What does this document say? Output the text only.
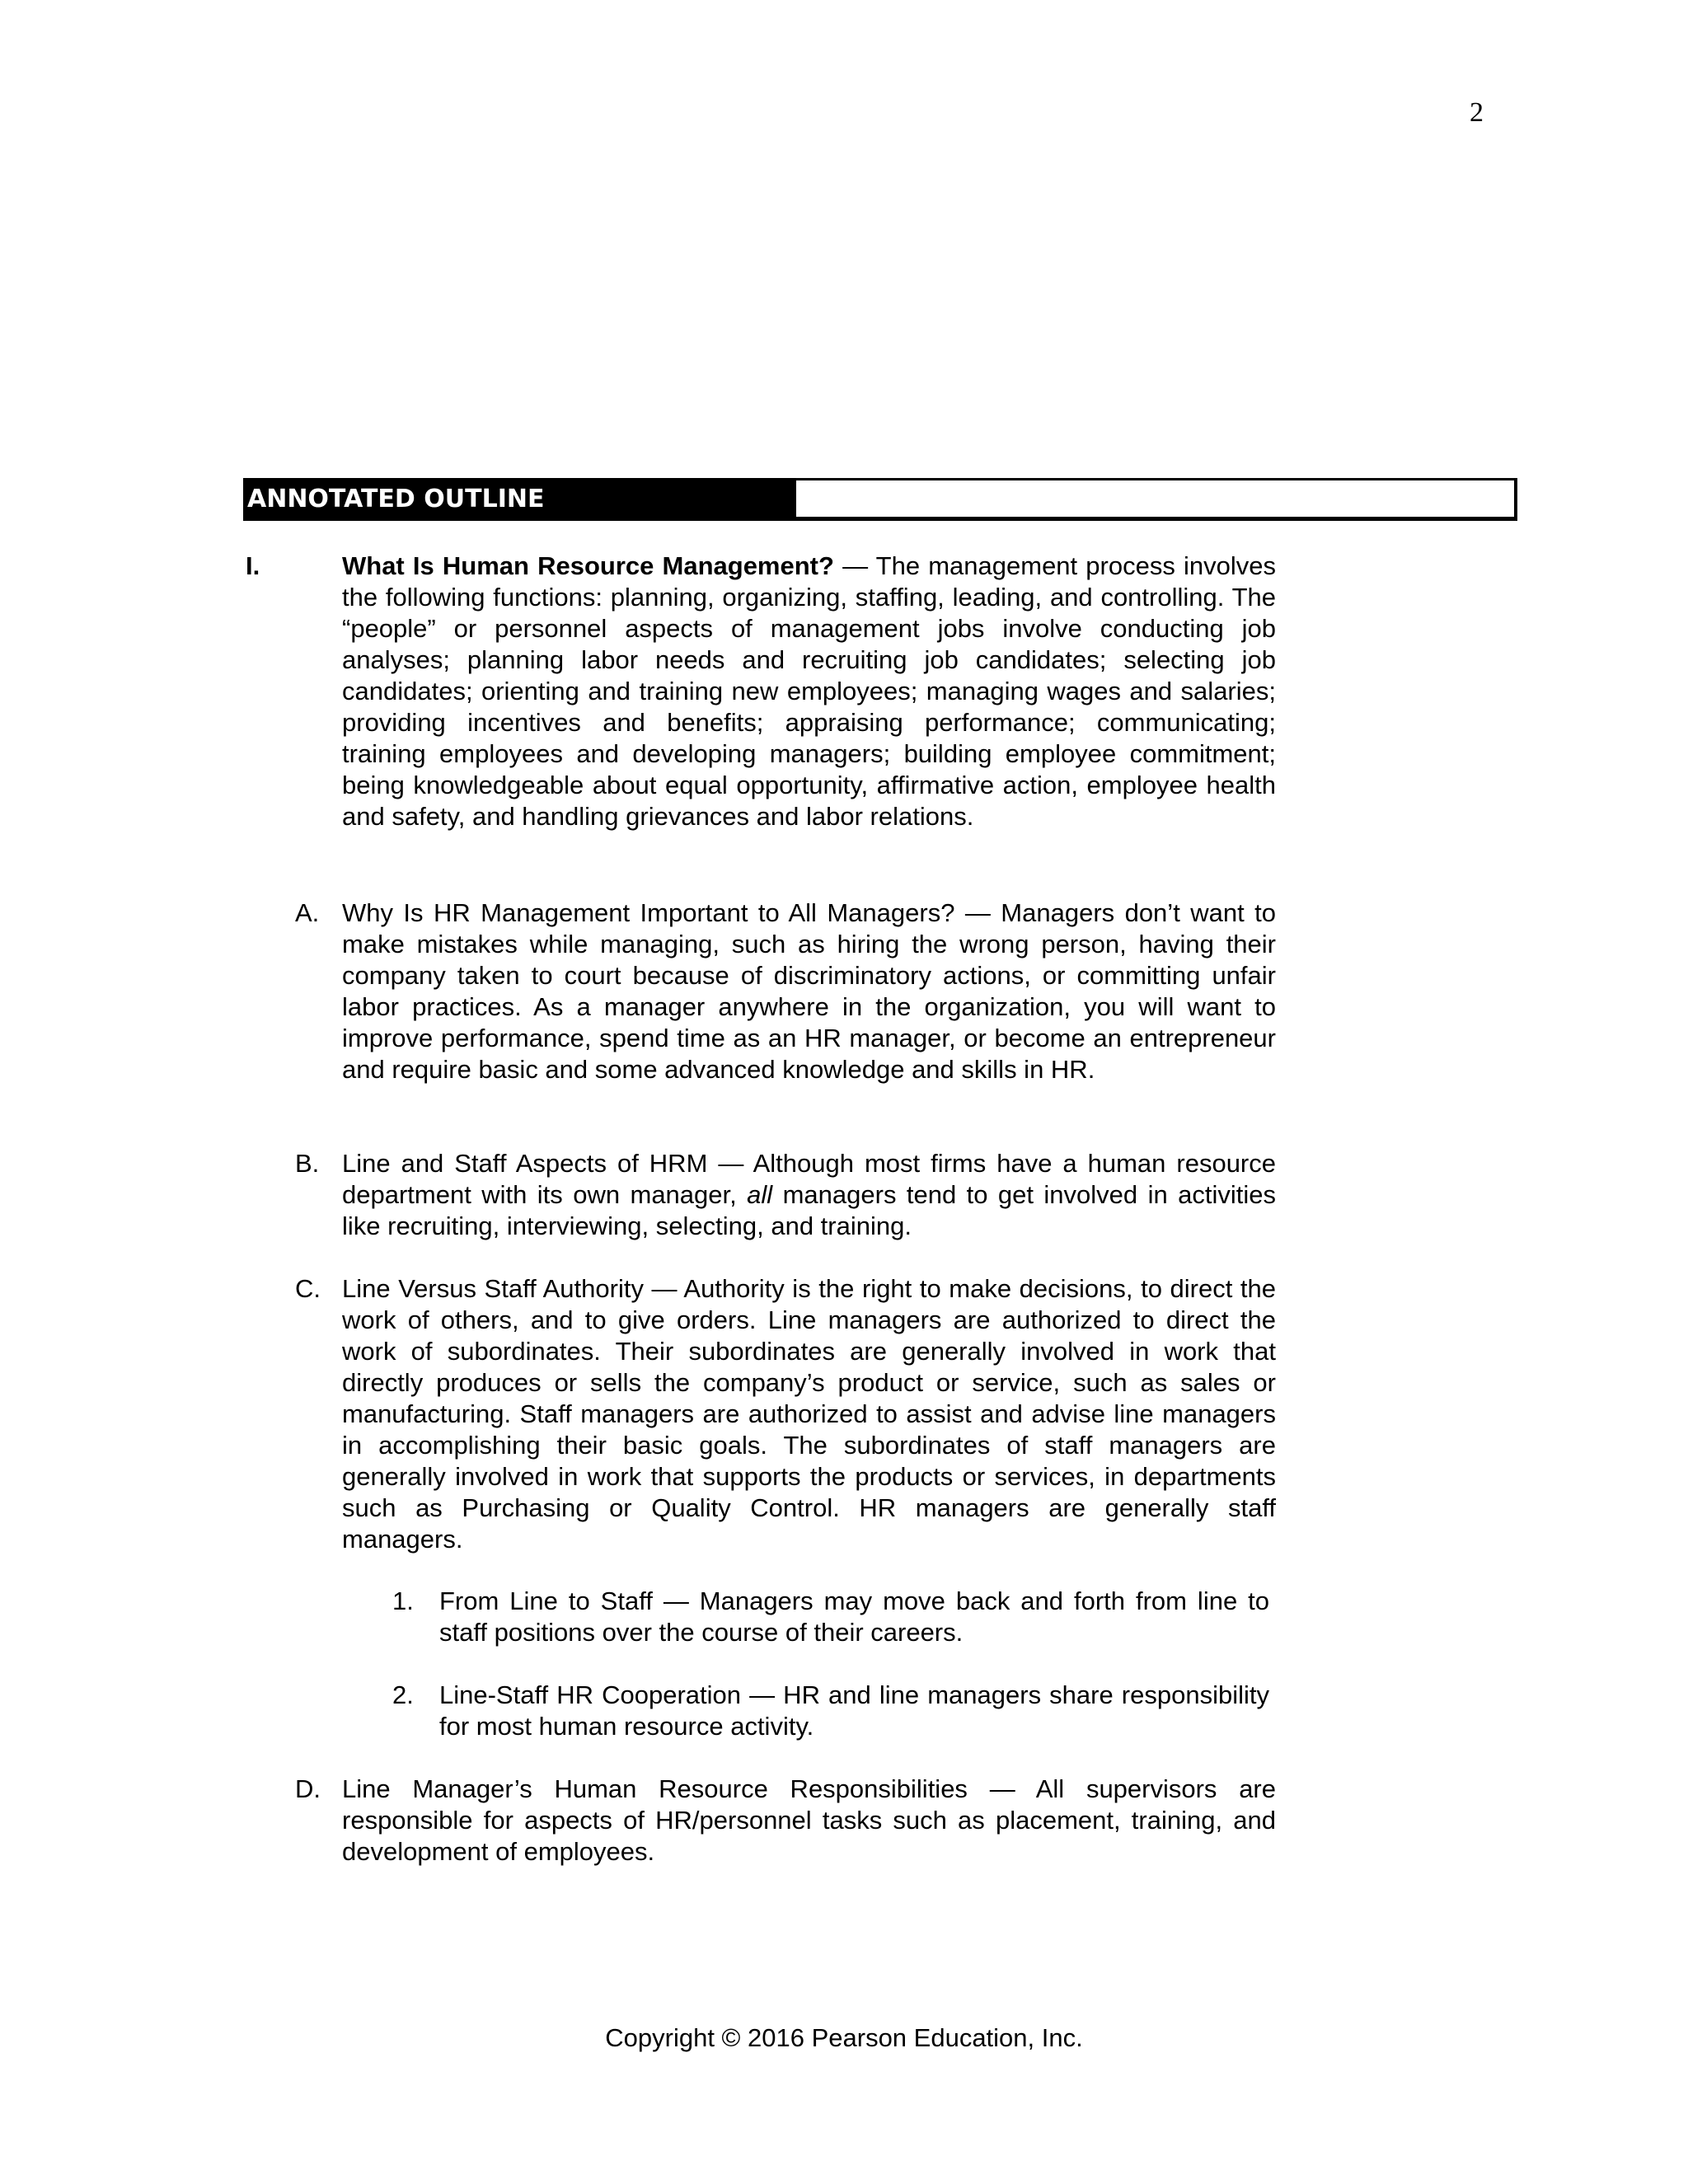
2
ANNOTATED OUTLINE
I.	What Is Human Resource Management? — The management process involves the following functions: planning, organizing, staffing, leading, and controlling. The “people” or personnel aspects of management jobs involve conducting job analyses; planning labor needs and recruiting job candidates; selecting job candidates; orienting and training new employees; managing wages and salaries; providing incentives and benefits; appraising performance; communicating; training employees and developing managers; building employee commitment; being knowledgeable about equal opportunity, affirmative action, employee health and safety, and handling grievances and labor relations.
A. Why Is HR Management Important to All Managers? — Managers don’t want to make mistakes while managing, such as hiring the wrong person, having their company taken to court because of discriminatory actions, or committing unfair labor practices. As a manager anywhere in the organization, you will want to improve performance, spend time as an HR manager, or become an entrepreneur and require basic and some advanced knowledge and skills in HR.
B. Line and Staff Aspects of HRM — Although most firms have a human resource department with its own manager, all managers tend to get involved in activities like recruiting, interviewing, selecting, and training.
C. Line Versus Staff Authority — Authority is the right to make decisions, to direct the work of others, and to give orders. Line managers are authorized to direct the work of subordinates. Their subordinates are generally involved in work that directly produces or sells the company’s product or service, such as sales or manufacturing. Staff managers are authorized to assist and advise line managers in accomplishing their basic goals. The subordinates of staff managers are generally involved in work that supports the products or services, in departments such as Purchasing or Quality Control. HR managers are generally staff managers.
1. From Line to Staff — Managers may move back and forth from line to staff positions over the course of their careers.
2. Line-Staff HR Cooperation — HR and line managers share responsibility for most human resource activity.
D. Line Manager’s Human Resource Responsibilities — All supervisors are responsible for aspects of HR/personnel tasks such as placement, training, and development of employees.
Copyright © 2016 Pearson Education, Inc.
